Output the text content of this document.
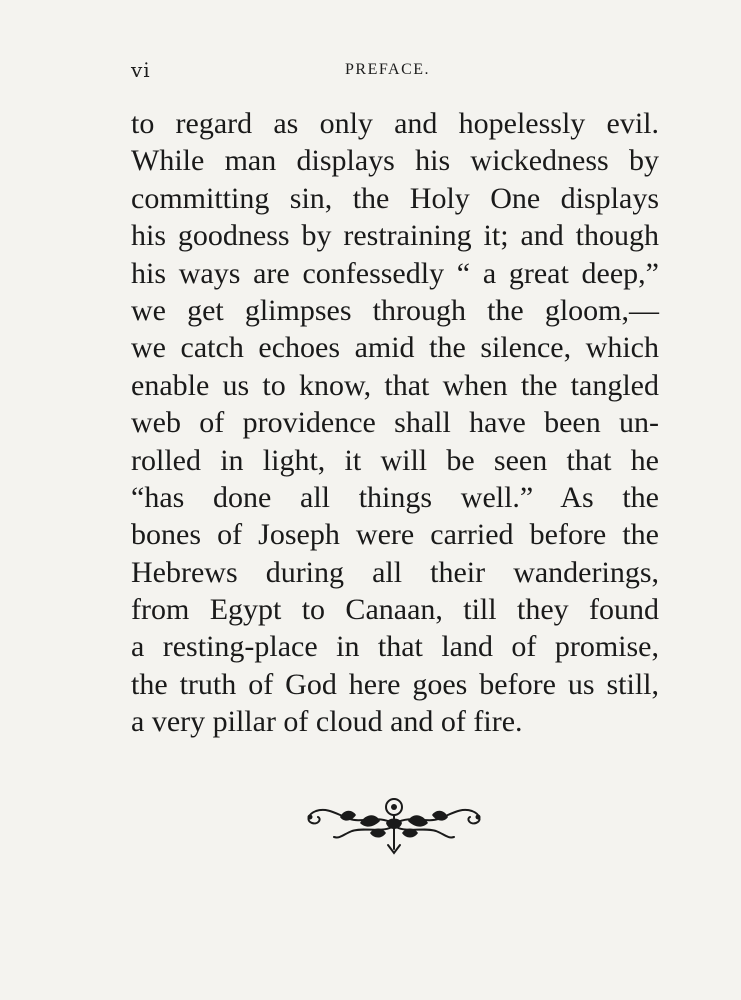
vi	PREFACE.
to regard as only and hopelessly evil.
While man displays his wickedness by
committing sin, the Holy One displays
his goodness by restraining it; and though
his ways are confessedly “ a great deep,”
we get glimpses through the gloom,—
we catch echoes amid the silence, which
enable us to know, that when the tangled
web of providence shall have been un-
rolled in light, it will be seen that he
“has done all things well.” As the
bones of Joseph were carried before the
Hebrews during all their wanderings,
from Egypt to Canaan, till they found
a resting-place in that land of promise,
the truth of God here goes before us still,
a very pillar of cloud and of fire.
